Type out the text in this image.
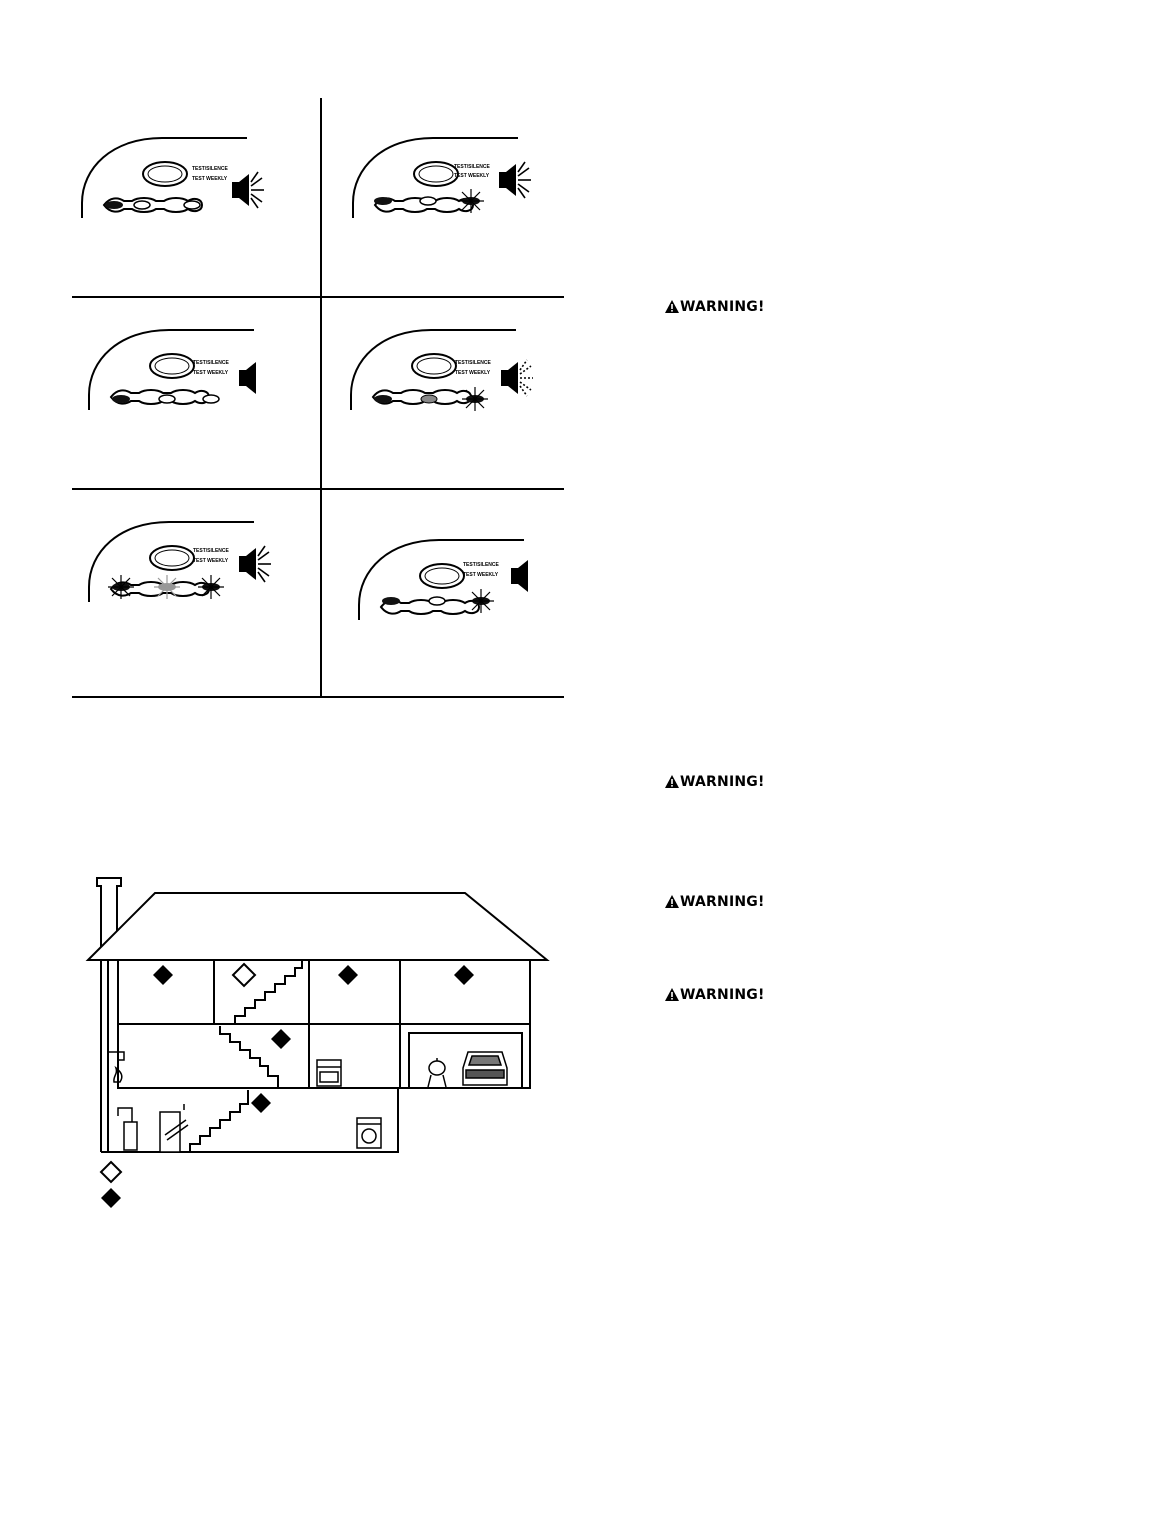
TEST/SILENCE
TEST WEEKLY
TEST/SILENCE
TEST WEEKLY
TEST/SILENCE
TEST WEEKLY
TEST/SILENCE
TEST WEEKLY
TEST/SILENCE
TEST WEEKLY
TEST/SILENCE
TEST WEEKLY
WARNING!
WARNING!
WARNING!
WARNING!
